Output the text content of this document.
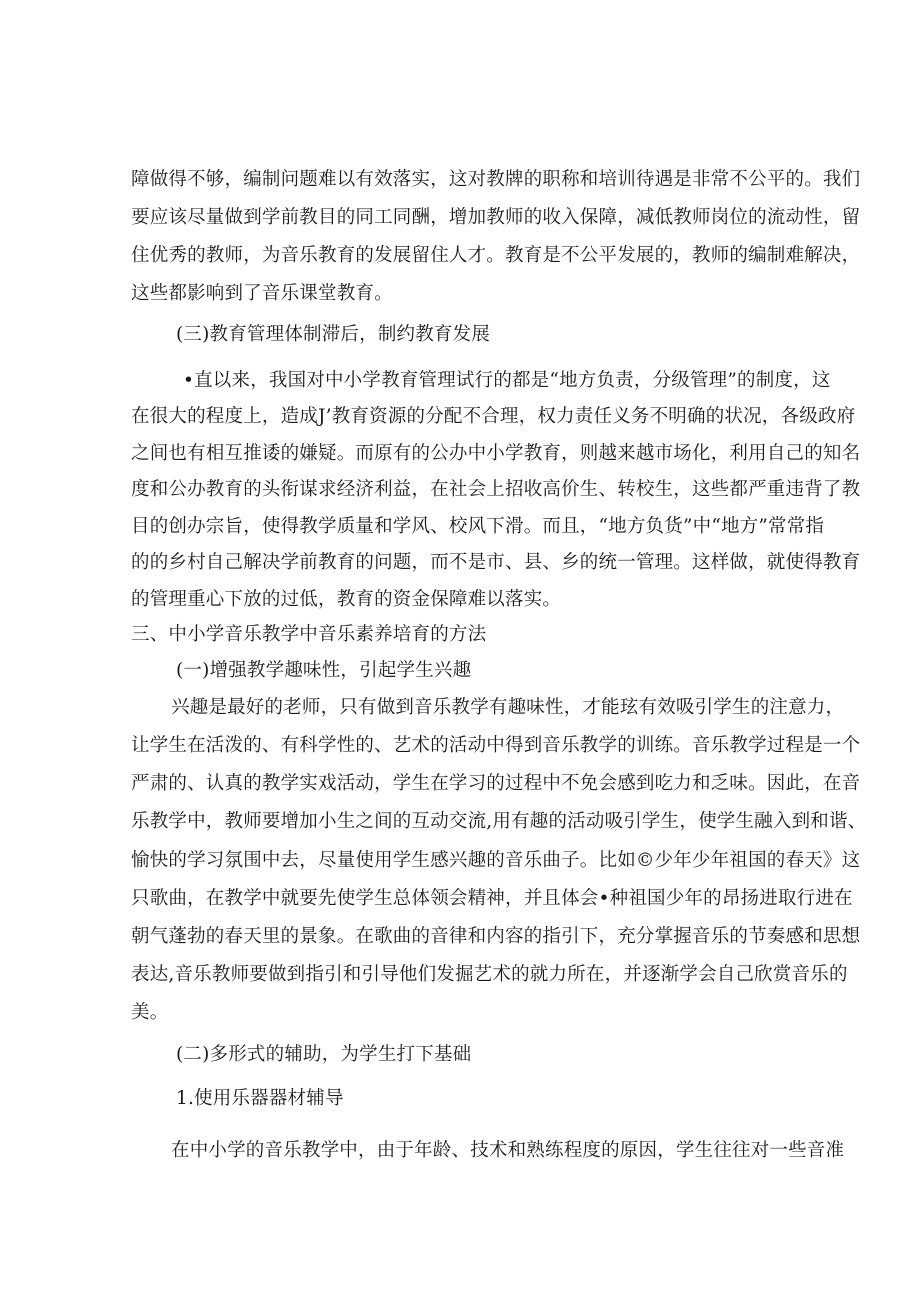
障做得不够，编制问题难以有效落实，这对教牌的职称和培训待遇是非常不公平的。我们
要应该尽量做到学前教目的同工同酬，增加教师的收入保障，减低教师岗位的流动性，留
住优秀的教师，为音乐教育的发展留住人才。教育是不公平发展的，教师的编制难解决，
这些都影响到了音乐课堂教育。
(三)教育管理体制滞后，制约教育发展
•直以来，我国对中小学教育管理试行的都是“地方负责，分级管理”的制度，这
在很大的程度上，造成J’教育资源的分配不合理，权力责任义务不明确的状况，各级政府
之间也有相互推诿的嫌疑。而原有的公办中小学教育，则越来越市场化，利用自己的知名
度和公办教育的头衔谋求经济利益，在社会上招收高价生、转校生，这些都严重违背了教
目的创办宗旨，使得教学质量和学风、校风下滑。而且，“地方负货”中“地方”常常指
的的乡村自己解决学前教育的问题，而不是市、县、乡的统一管理。这样做，就使得教育
的管理重心下放的过低，教育的资金保障难以落实。
三、中小学音乐教学中音乐素养培育的方法
(一)增强教学趣味性，引起学生兴趣
兴趣是最好的老师，只有做到音乐教学有趣味性，才能玹有效吸引学生的注意力，
让学生在活泼的、有科学性的、艺术的活动中得到音乐教学的训练。音乐教学过程是一个
严肃的、认真的教学实戏活动，学生在学习的过程中不免会感到吃力和乏味。因此，在音
乐教学中，教师要增加小生之间的互动交流,用有趣的活动吸引学生，使学生融入到和谐、
愉快的学习氛围中去，尽量使用学生感兴趣的音乐曲子。比如©少年少年祖国的春天》这
只歌曲，在教学中就要先使学生总体领会精神，并且体会•种祖国少年的昂扬进取行进在
朝气蓬勃的春天里的景象。在歌曲的音律和内容的指引下，充分掌握音乐的节奏感和思想
表达,音乐教师要做到指引和引导他们发掘艺术的就力所在，并逐渐学会自己欣赏音乐的
美。
(二)多形式的辅助，为学生打下基础
1.使用乐器器材辅导
在中小学的音乐教学中，由于年龄、技术和熟练程度的原因，学生往往对一些音准
